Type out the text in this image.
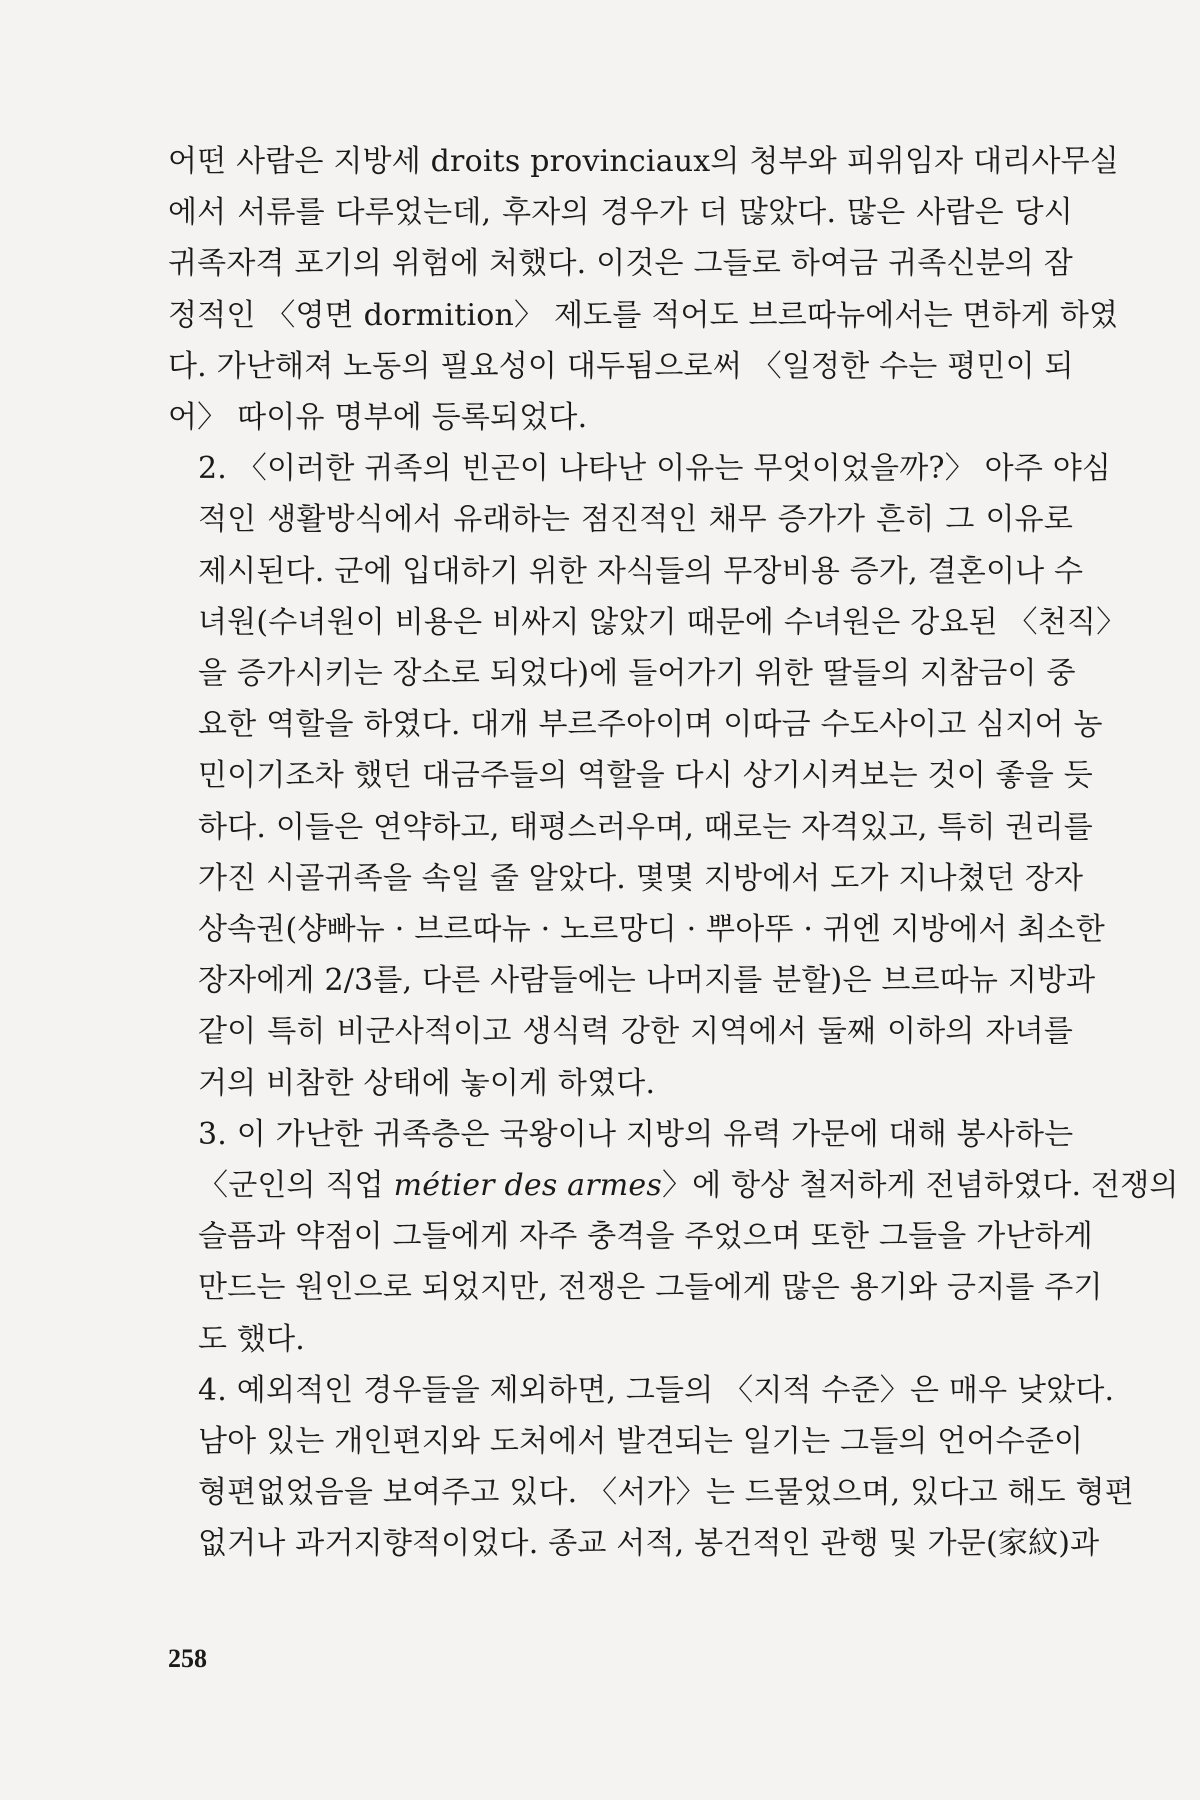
어떤 사람은 지방세 droits provinciaux의 청부와 피위임자 대리사무실
에서 서류를 다루었는데, 후자의 경우가 더 많았다. 많은 사람은 당시
귀족자격 포기의 위험에 처했다. 이것은 그들로 하여금 귀족신분의 잠
정적인 〈영면 dormition〉 제도를 적어도 브르따뉴에서는 면하게 하였
다. 가난해져 노동의 필요성이 대두됨으로써 〈일정한 수는 평민이 되
어〉 따이유 명부에 등록되었다.

2. 〈이러한 귀족의 빈곤이 나타난 이유는 무엇이었을까?〉 아주 야심
적인 생활방식에서 유래하는 점진적인 채무 증가가 흔히 그 이유로
제시된다. 군에 입대하기 위한 자식들의 무장비용 증가, 결혼이나 수
녀원(수녀원이 비용은 비싸지 않았기 때문에 수녀원은 강요된 〈천직〉
을 증가시키는 장소로 되었다)에 들어가기 위한 딸들의 지참금이 중
요한 역할을 하였다. 대개 부르주아이며 이따금 수도사이고 심지어 농
민이기조차 했던 대금주들의 역할을 다시 상기시켜보는 것이 좋을 듯
하다. 이들은 연약하고, 태평스러우며, 때로는 자격있고, 특히 권리를
가진 시골귀족을 속일 줄 알았다. 몇몇 지방에서 도가 지나쳤던 장자
상속권(샹빠뉴 · 브르따뉴 · 노르망디 · 뿌아뚜 · 귀엔 지방에서 최소한
장자에게 2/3를, 다른 사람들에는 나머지를 분할)은 브르따뉴 지방과
같이 특히 비군사적이고 생식력 강한 지역에서 둘째 이하의 자녀를
거의 비참한 상태에 놓이게 하였다.

3. 이 가난한 귀족층은 국왕이나 지방의 유력 가문에 대해 봉사하는
〈군인의 직업 métier des armes〉에 항상 철저하게 전념하였다. 전쟁의
슬픔과 약점이 그들에게 자주 충격을 주었으며 또한 그들을 가난하게
만드는 원인으로 되었지만, 전쟁은 그들에게 많은 용기와 긍지를 주기
도 했다.

4. 예외적인 경우들을 제외하면, 그들의 〈지적 수준〉은 매우 낮았다.
남아 있는 개인편지와 도처에서 발견되는 일기는 그들의 언어수준이
형편없었음을 보여주고 있다. 〈서가〉는 드물었으며, 있다고 해도 형편
없거나 과거지향적이었다. 종교 서적, 봉건적인 관행 및 가문(家紋)과

258
